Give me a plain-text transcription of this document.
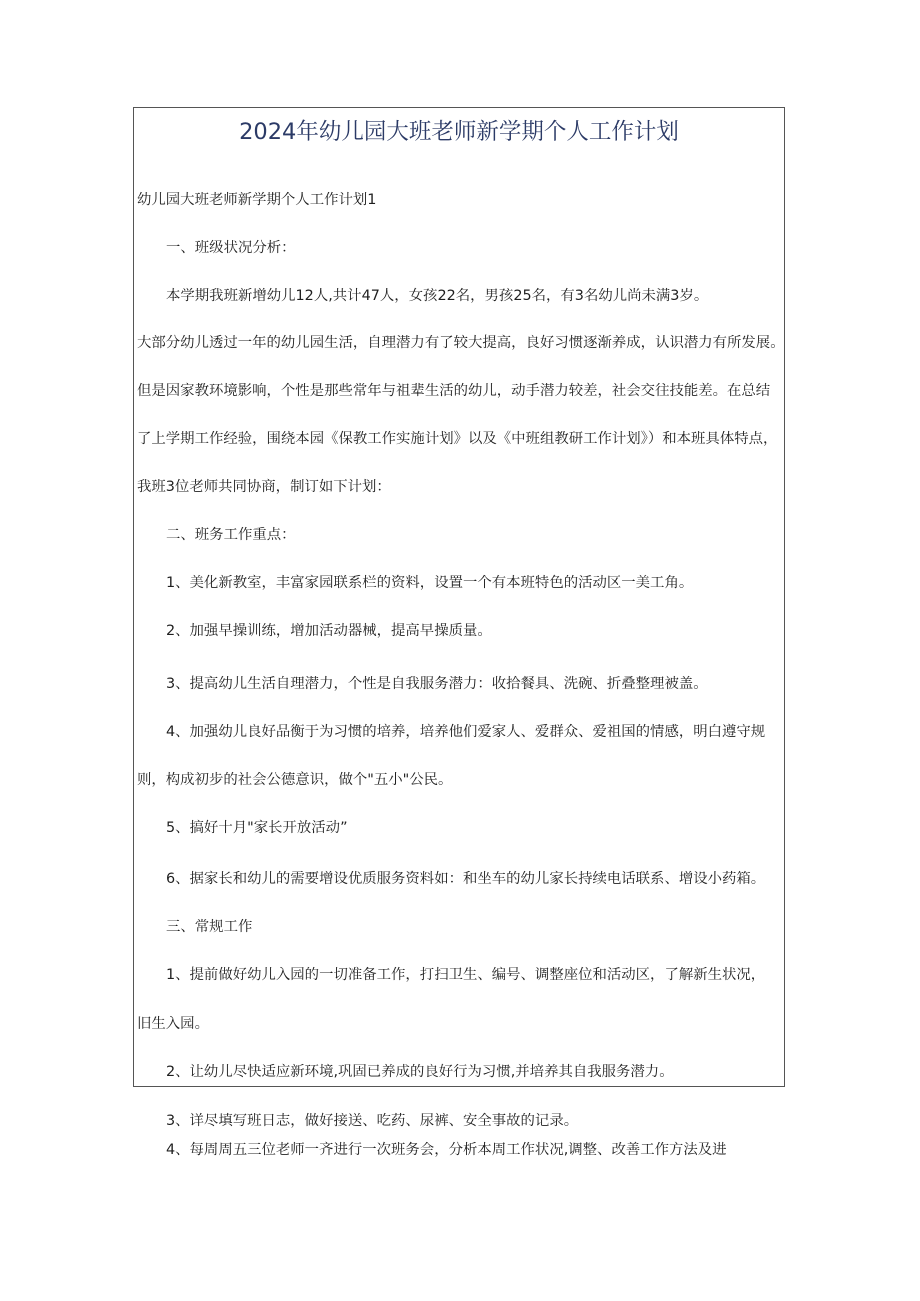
2024年幼儿园大班老师新学期个人工作计划
幼儿园大班老师新学期个人工作计划1
一、班级状况分析：
本学期我班新增幼儿12人,共计47人，女孩22名，男孩25名，有3名幼儿尚未满3岁。
大部分幼儿透过一年的幼儿园生活，自理潜力有了较大提高，良好习惯逐渐养成，认识潜力有所发展。
但是因家教环境影响，个性是那些常年与祖辈生活的幼儿，动手潜力较差，社会交往技能差。在总结
了上学期工作经验，围绕本园《保教工作实施计划》以及《中班组教研工作计划》）和本班具体特点，
我班3位老师共同协商，制订如下计划：
二、班务工作重点：
1、美化新教室，丰富家园联系栏的资料，设置一个有本班特色的活动区一美工角。
2、加强早操训练，增加活动器械，提高早操质量。
3、提高幼儿生活自理潜力，个性是自我服务潜力：收拾餐具、洗碗、折叠整理被盖。
4、加强幼儿良好品衡于为习惯的培养，培养他们爱家人、爱群众、爱祖国的情感，明白遵守规
则，构成初步的社会公德意识，做个"五小"公民。
5、搞好十月"家长开放活动”
6、据家长和幼儿的需要增设优质服务资料如：和坐车的幼儿家长持续电话联系、增设小药箱。
三、常规工作
1、提前做好幼儿入园的一切准备工作，打扫卫生、编号、调整座位和活动区，了解新生状况，
旧生入园。
2、让幼儿尽快适应新环境,巩固已养成的良好行为习惯,并培养其自我服务潜力。
3、详尽填写班日志，做好接送、吃药、尿裤、安全事故的记录。
4、每周周五三位老师一齐进行一次班务会，分析本周工作状况,调整、改善工作方法及进
